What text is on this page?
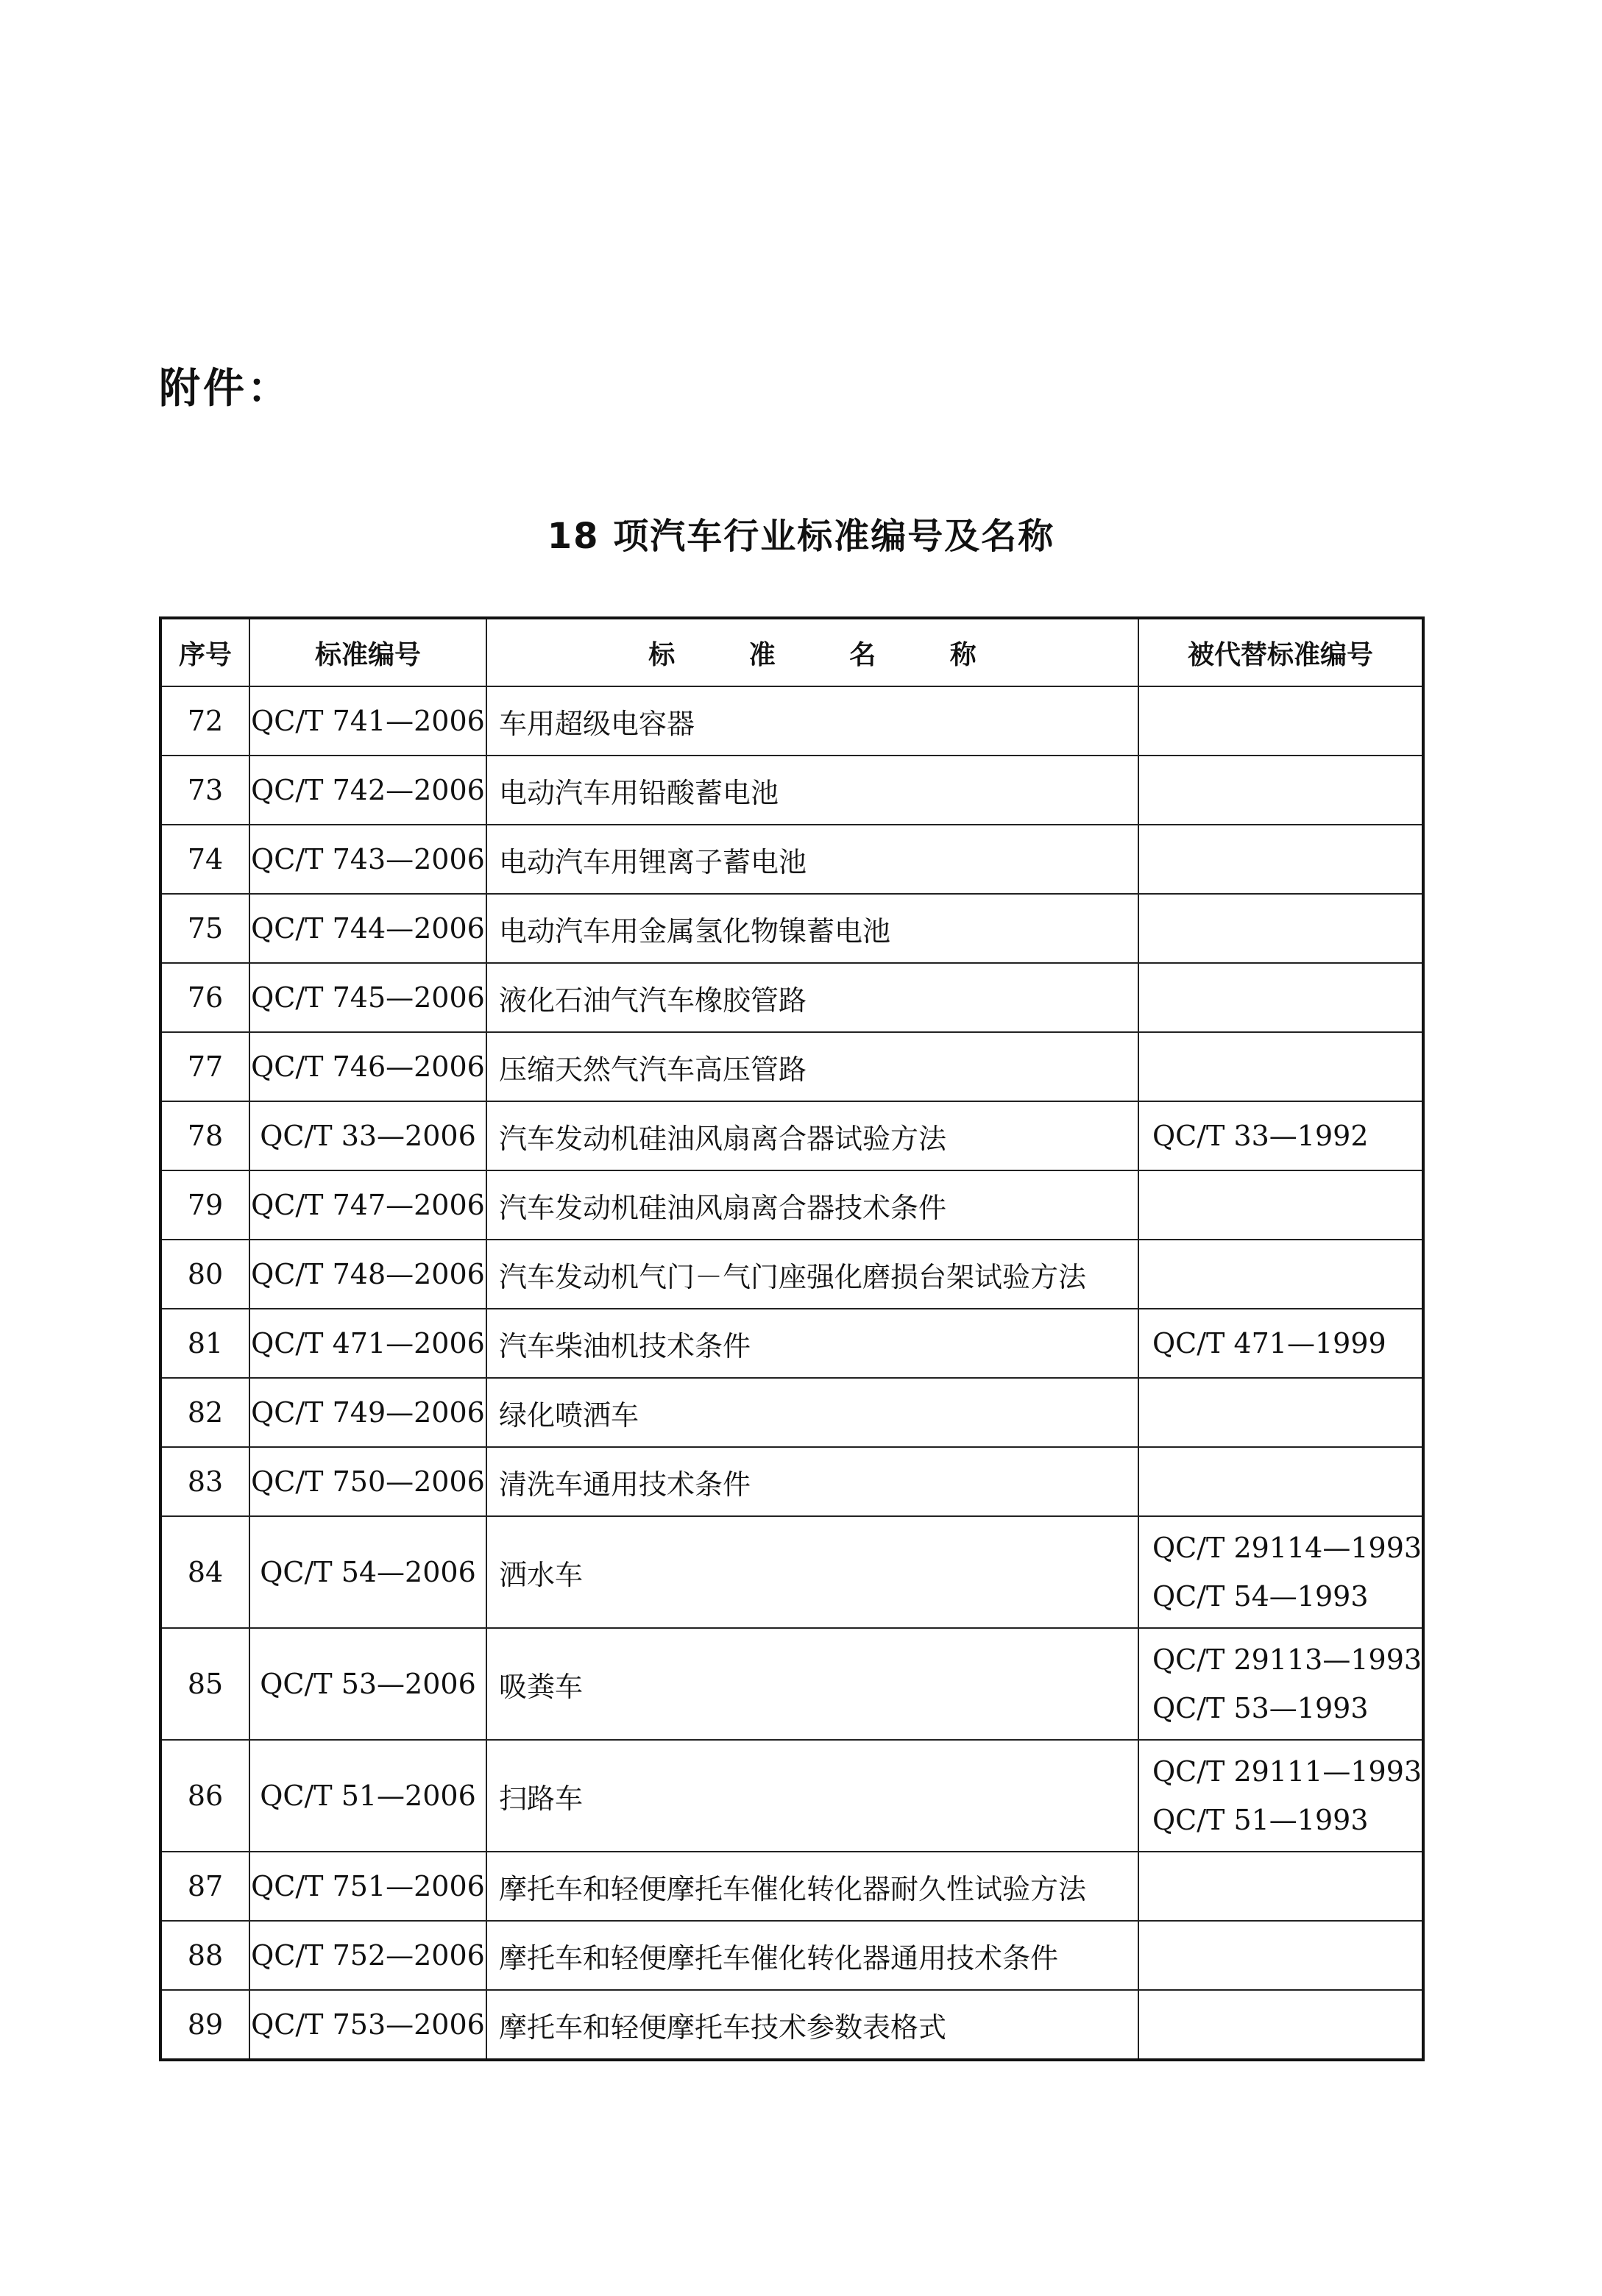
附件：
18 项汽车行业标准编号及名称
序号	标准编号	标 准 名 称	被代替标准编号
72	QC/T 741—2006	车用超级电容器	
73	QC/T 742—2006	电动汽车用铅酸蓄电池	
74	QC/T 743—2006	电动汽车用锂离子蓄电池	
75	QC/T 744—2006	电动汽车用金属氢化物镍蓄电池	
76	QC/T 745—2006	液化石油气汽车橡胶管路	
77	QC/T 746—2006	压缩天然气汽车高压管路	
78	QC/T 33—2006	汽车发动机硅油风扇离合器试验方法	QC/T 33—1992

79	QC/T 747—2006	汽车发动机硅油风扇离合器技术条件	
80	QC/T 748—2006	汽车发动机气门－气门座强化磨损台架试验方法	
81	QC/T 471—2006	汽车柴油机技术条件	QC/T 471—1999

82	QC/T 749—2006	绿化喷洒车	
83	QC/T 750—2006	清洗车通用技术条件	
84	QC/T 54—2006	洒水车	QC/T 29114—1993
QC/T 54—1993

85	QC/T 53—2006	吸粪车	QC/T 29113—1993
QC/T 53—1993

86	QC/T 51—2006	扫路车	QC/T 29111—1993
QC/T 51—1993

87	QC/T 751—2006	摩托车和轻便摩托车催化转化器耐久性试验方法	
88	QC/T 752—2006	摩托车和轻便摩托车催化转化器通用技术条件	
89	QC/T 753—2006	摩托车和轻便摩托车技术参数表格式	
